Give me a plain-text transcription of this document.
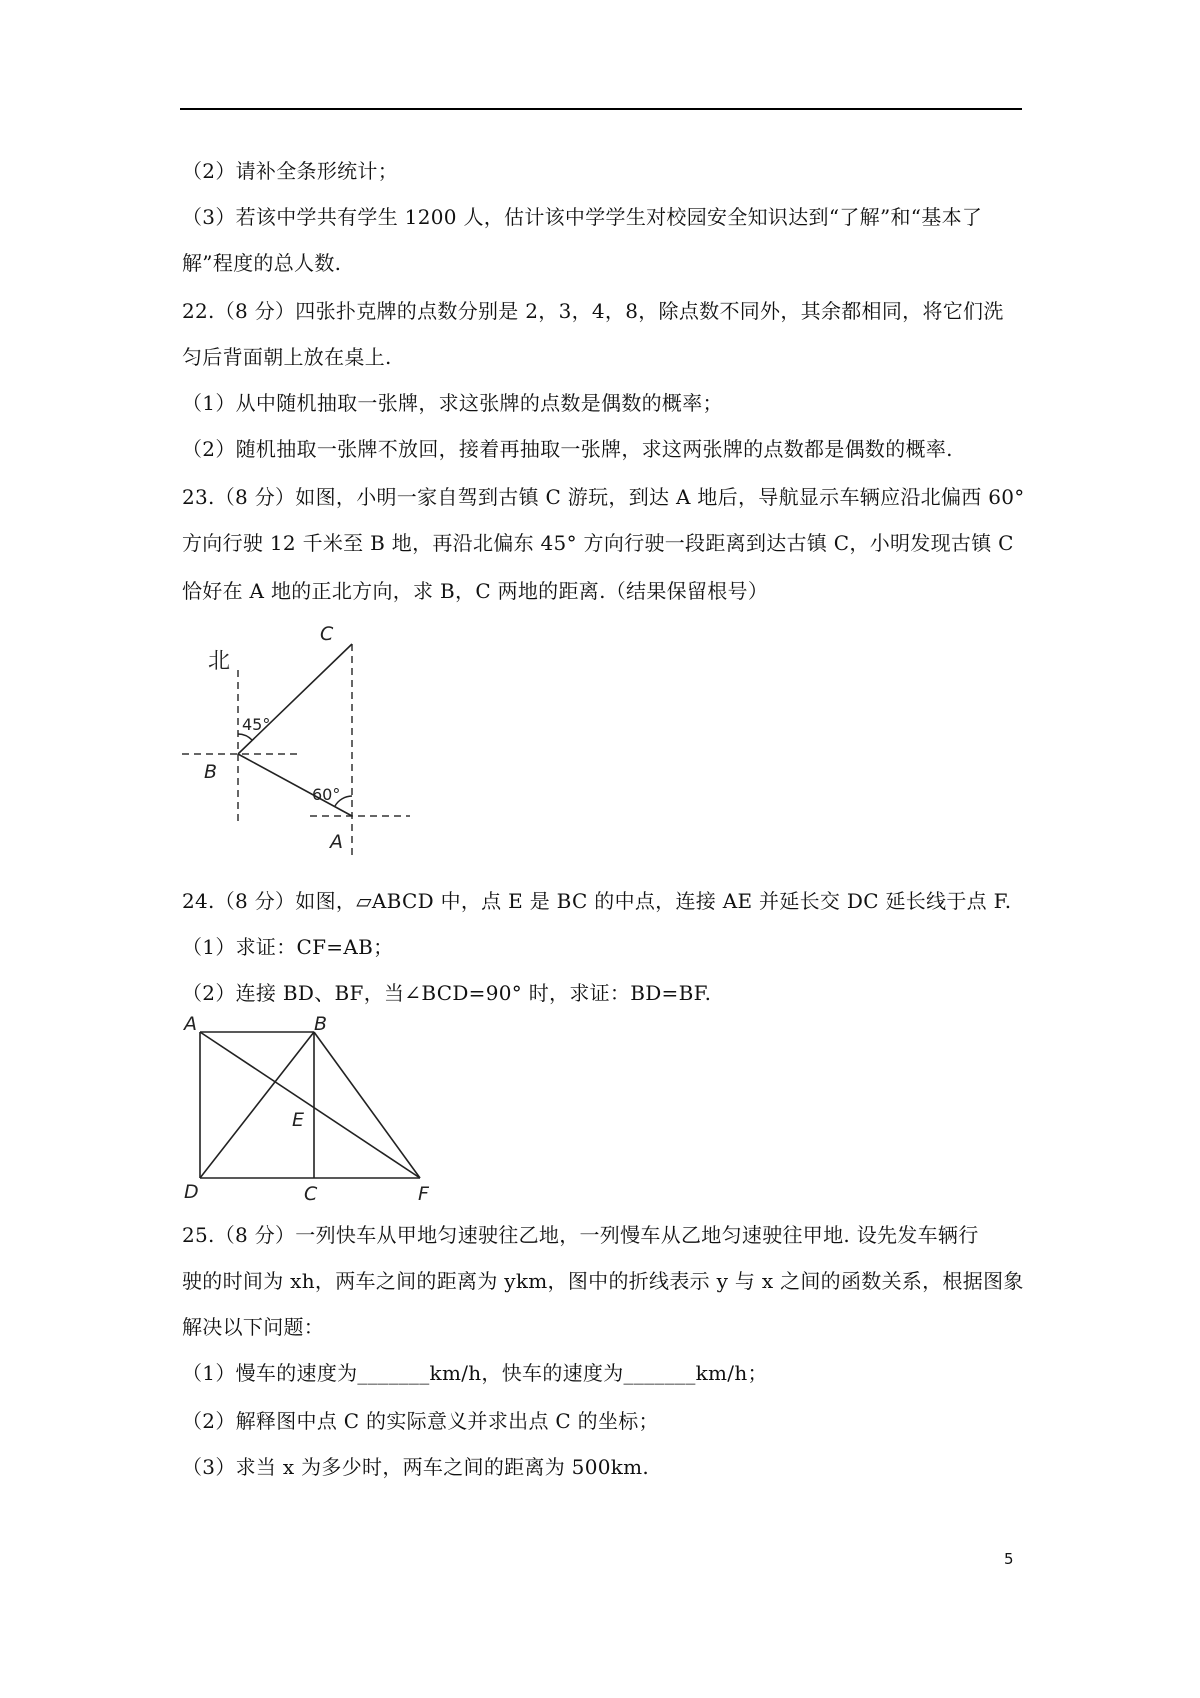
（2）请补全条形统计；
（3）若该中学共有学生 1200 人，估计该中学学生对校园安全知识达到“了解”和“基本了
解”程度的总人数.
22.（8 分）四张扑克牌的点数分别是 2，3，4，8，除点数不同外，其余都相同，将它们洗
匀后背面朝上放在桌上.
（1）从中随机抽取一张牌，求这张牌的点数是偶数的概率；
（2）随机抽取一张牌不放回，接着再抽取一张牌，求这两张牌的点数都是偶数的概率.
23.（8 分）如图，小明一家自驾到古镇 C 游玩，到达 A 地后，导航显示车辆应沿北偏西 60°
方向行驶 12 千米至 B 地，再沿北偏东 45° 方向行驶一段距离到达古镇 C，小明发现古镇 C
恰好在 A 地的正北方向，求 B，C 两地的距离.（结果保留根号）
北
45°
60°
C
B
A
24.（8 分）如图，▱ABCD 中，点 E 是 BC 的中点，连接 AE 并延长交 DC 延长线于点 F.
（1）求证：CF=AB；
（2）连接 BD、BF，当∠BCD=90° 时，求证：BD=BF.
A	B
E
D	C	F
25.（8 分）一列快车从甲地匀速驶往乙地，一列慢车从乙地匀速驶往甲地. 设先发车辆行
驶的时间为 xh，两车之间的距离为 ykm，图中的折线表示 y 与 x 之间的函数关系，根据图象
解决以下问题：
（1）慢车的速度为_______km/h，快车的速度为_______km/h；
（2）解释图中点 C 的实际意义并求出点 C 的坐标；
（3）求当 x 为多少时，两车之间的距离为 500km.
5
